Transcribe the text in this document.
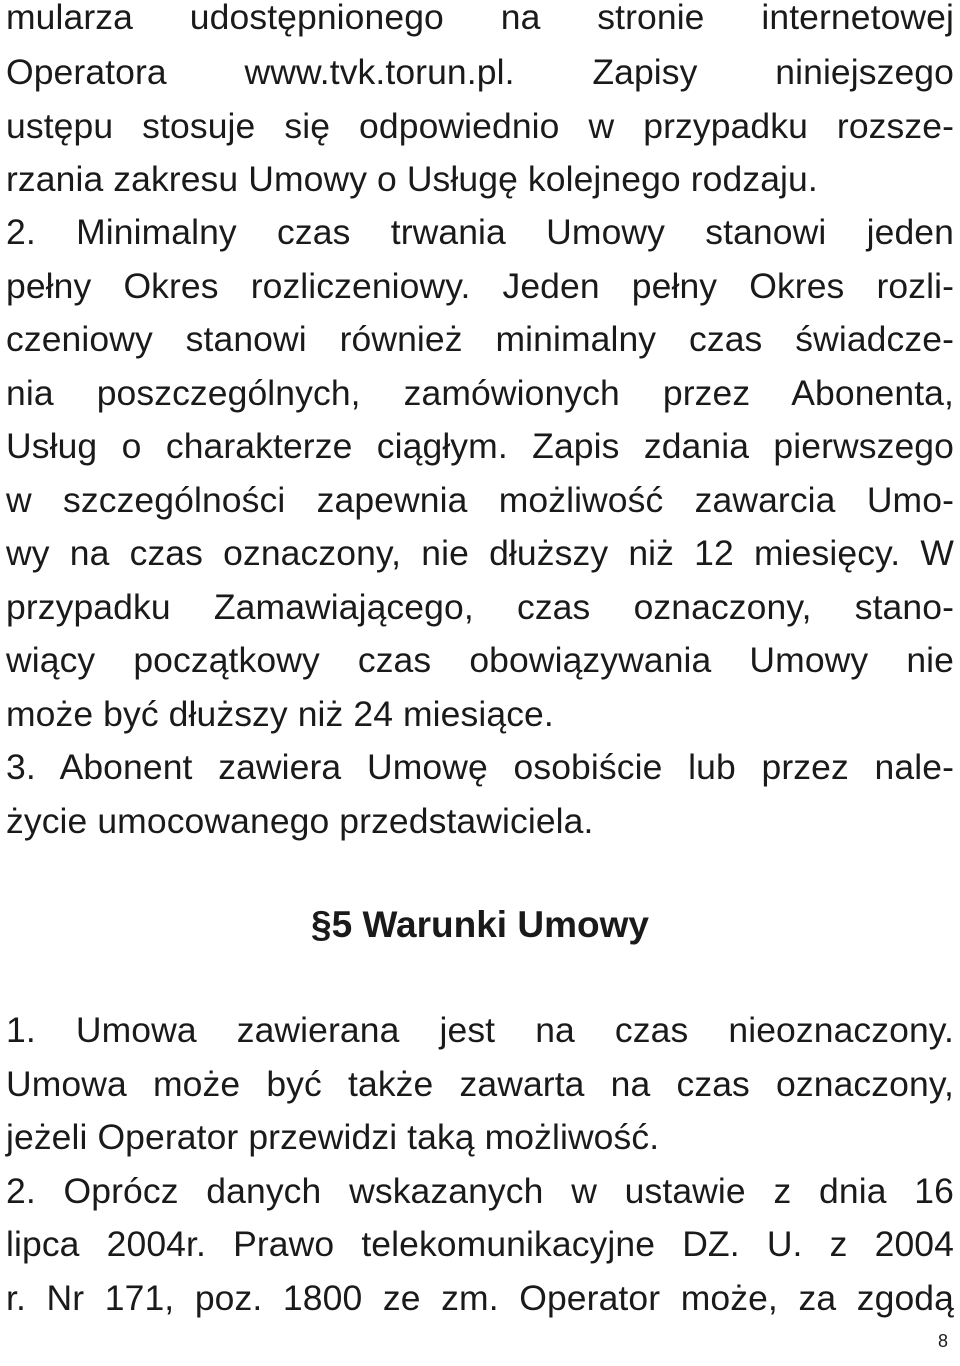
mularza udostępnionego na stronie internetowej
Operatora www.tvk.torun.pl. Zapisy niniejszego
ustępu stosuje się odpowiednio w przypadku rozsze-
rzania zakresu Umowy o Usługę kolejnego rodzaju.
2. Minimalny czas trwania Umowy stanowi jeden
pełny Okres rozliczeniowy. Jeden pełny Okres rozli-
czeniowy stanowi również minimalny czas świadcze-
nia poszczególnych, zamówionych przez Abonenta,
Usług o charakterze ciągłym. Zapis zdania pierwszego
w szczególności zapewnia możliwość zawarcia Umo-
wy na czas oznaczony, nie dłuższy niż 12 miesięcy. W
przypadku Zamawiającego, czas oznaczony, stano-
wiący początkowy czas obowiązywania Umowy nie
może być dłuższy niż 24 miesiące.
3. Abonent zawiera Umowę osobiście lub przez nale-
życie umocowanego przedstawiciela.
§5 Warunki Umowy
1. Umowa zawierana jest na czas nieoznaczony.
Umowa może być także zawarta na czas oznaczony,
jeżeli Operator przewidzi taką możliwość.
2. Oprócz danych wskazanych w ustawie z dnia 16
lipca 2004r. Prawo telekomunikacyjne DZ. U. z 2004
r. Nr 171, poz. 1800 ze zm. Operator może, za zgodą
8
